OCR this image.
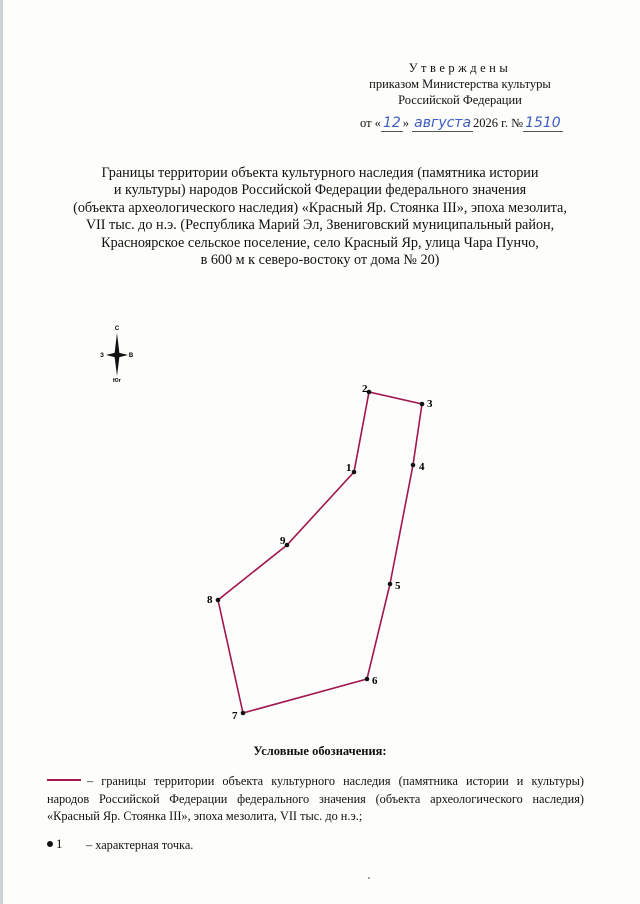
Утверждены
приказом Министерства культуры
Российской Федерации
от « 12 » августа 2026 г. № 1510
Границы территории объекта культурного наследия (памятника истории
и культуры) народов Российской Федерации федерального значения
(объекта археологического наследия) «Красный Яр. Стоянка III», эпоха мезолита,
VII тыс. до н.э. (Республика Марий Эл, Звениговский муниципальный район,
Красноярское сельское поселение, село Красный Яр, улица Чара Пунчо,
в 600 м к северо-востоку от дома № 20)
С
Юг
З	В
1
2
3
4
5
6
7
8
9
Условные обозначения:
– границы территории объекта культурного наследия (памятника истории и культуры) народов Российской Федерации федерального значения (объекта археологического наследия) «Красный Яр. Стоянка III», эпоха мезолита, VII тыс. до н.э.;
1 – характерная точка.
